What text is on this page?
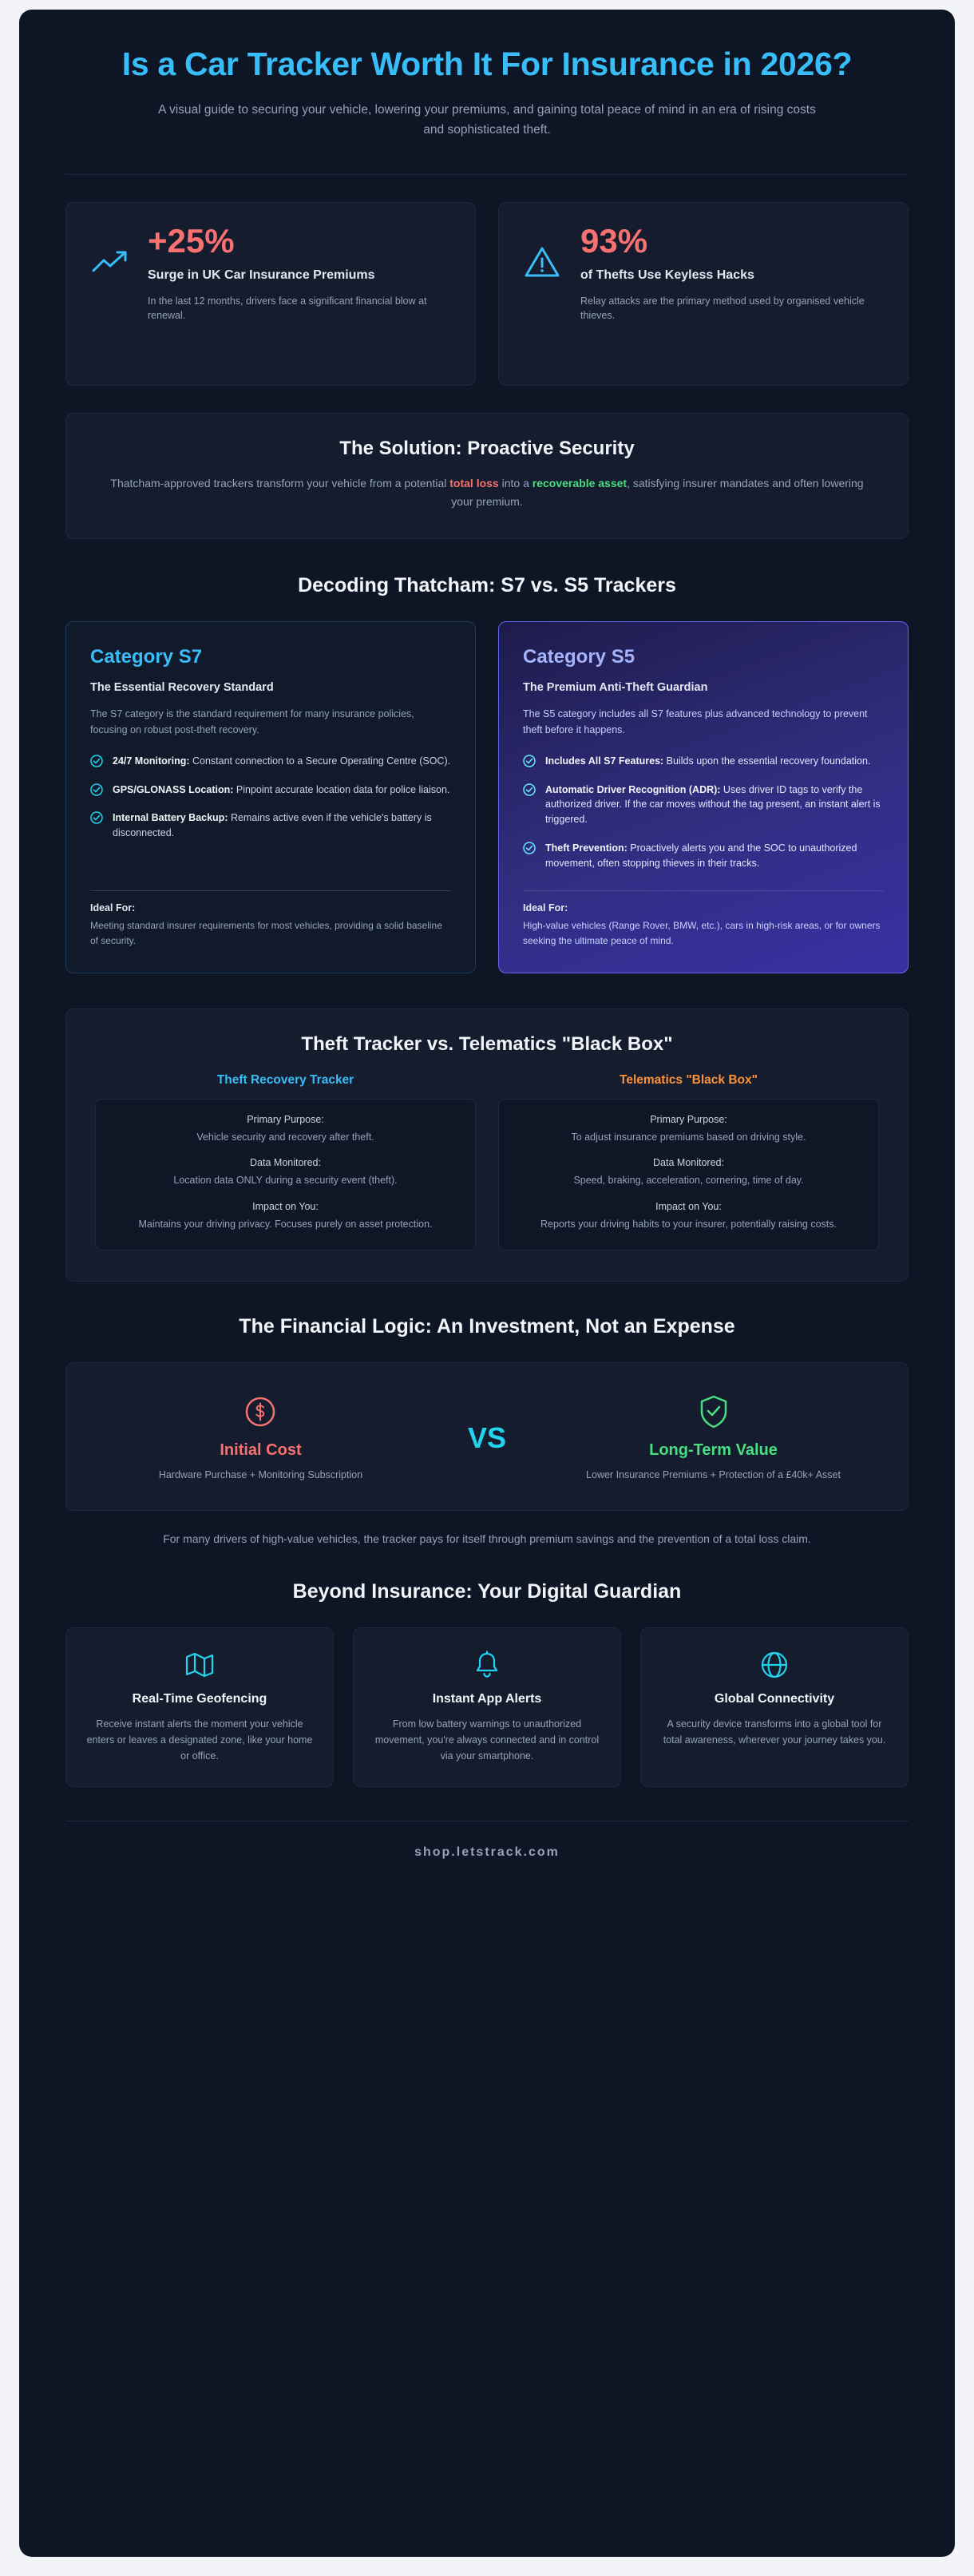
Is a Car Tracker Worth It For Insurance in 2026?

A visual guide to securing your vehicle, lowering your premiums, and gaining total peace of mind in an era of rising costs and sophisticated theft.

+25%
Surge in UK Car Insurance Premiums
In the last 12 months, drivers face a significant financial blow at renewal.
93%
of Thefts Use Keyless Hacks
Relay attacks are the primary method used by organised vehicle thieves.
The Solution: Proactive Security
Thatcham-approved trackers transform your vehicle from a potential total loss into a recoverable asset, satisfying insurer mandates and often lowering your premium.
Decoding Thatcham: S7 vs. S5 Trackers
Category S7
The Essential Recovery Standard
The S7 category is the standard requirement for many insurance policies, focusing on robust post-theft recovery.
24/7 Monitoring: Constant connection to a Secure Operating Centre (SOC).
GPS/GLONASS Location: Pinpoint accurate location data for police liaison.
Internal Battery Backup: Remains active even if the vehicle's battery is disconnected.
Ideal For:
Meeting standard insurer requirements for most vehicles, providing a solid baseline of security.
Category S5
The Premium Anti-Theft Guardian
The S5 category includes all S7 features plus advanced technology to prevent theft before it happens.
Includes All S7 Features: Builds upon the essential recovery foundation.
Automatic Driver Recognition (ADR): Uses driver ID tags to verify the authorized driver. If the car moves without the tag present, an instant alert is triggered.
Theft Prevention: Proactively alerts you and the SOC to unauthorized movement, often stopping thieves in their tracks.
Ideal For:
High-value vehicles (Range Rover, BMW, etc.), cars in high-risk areas, or for owners seeking the ultimate peace of mind.
Theft Tracker vs. Telematics "Black Box"
Theft Recovery Tracker
Primary Purpose:
Vehicle security and recovery after theft.
Data Monitored:
Location data ONLY during a security event (theft).
Impact on You:
Maintains your driving privacy. Focuses purely on asset protection.
Telematics "Black Box"
Primary Purpose:
To adjust insurance premiums based on driving style.
Data Monitored:
Speed, braking, acceleration, cornering, time of day.
Impact on You:
Reports your driving habits to your insurer, potentially raising costs.
The Financial Logic: An Investment, Not an Expense
Initial Cost
Hardware Purchase + Monitoring Subscription
VS	Long-Term Value
Lower Insurance Premiums + Protection of a £40k+ Asset

For many drivers of high-value vehicles, the tracker pays for itself through premium savings and the prevention of a total loss claim.

Beyond Insurance: Your Digital Guardian
Real-Time Geofencing
Receive instant alerts the moment your vehicle enters or leaves a designated zone, like your home or office.
Instant App Alerts
From low battery warnings to unauthorized movement, you're always connected and in control via your smartphone.
Global Connectivity
A security device transforms into a global tool for total awareness, wherever your journey takes you.
shop.letstrack.com
